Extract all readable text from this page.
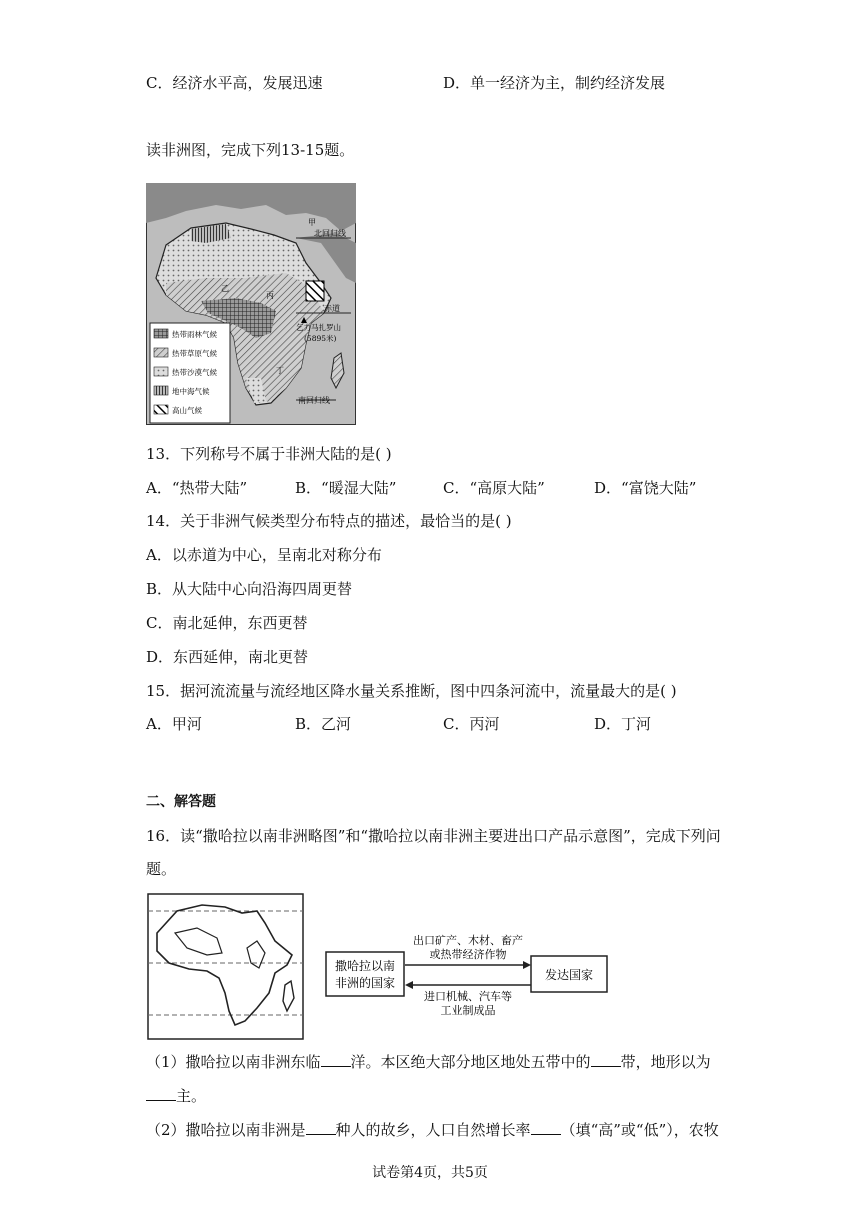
C．经济水平高，发展迅速	D．单一经济为主，制约经济发展
读非洲图，完成下列13-15题。
甲
北回归线
丙
赤道
乞力马扎罗山
(5895米)
丁
乙
南回归线
热带雨林气候
热带草原气候
热带沙漠气候
地中海气候
高山气候
13．下列称号不属于非洲大陆的是( )
A．“热带大陆”	B．“暖湿大陆”	C．“高原大陆”	D．“富饶大陆”
14．关于非洲气候类型分布特点的描述，最恰当的是( )
A．以赤道为中心，呈南北对称分布
B．从大陆中心向沿海四周更替
C．南北延伸，东西更替
D．东西延伸，南北更替
15．据河流流量与流经地区降水量关系推断，图中四条河流中，流量最大的是( )
A．甲河	B．乙河	C．丙河	D．丁河
二、解答题
16．读“撒哈拉以南非洲略图”和“撒哈拉以南非洲主要进出口产品示意图”，完成下列问
题。
撒哈拉以南
非洲的国家
发达国家
出口矿产、木材、畜产
或热带经济作物
进口机械、汽车等
工业制成品
（1）撒哈拉以南非洲东临 洋。本区绝大部分地区地处五带中的 带，地形以为
主。
（2）撒哈拉以南非洲是 种人的故乡，人口自然增长率 （填“高”或“低”），农牧
试卷第4页，共5页
